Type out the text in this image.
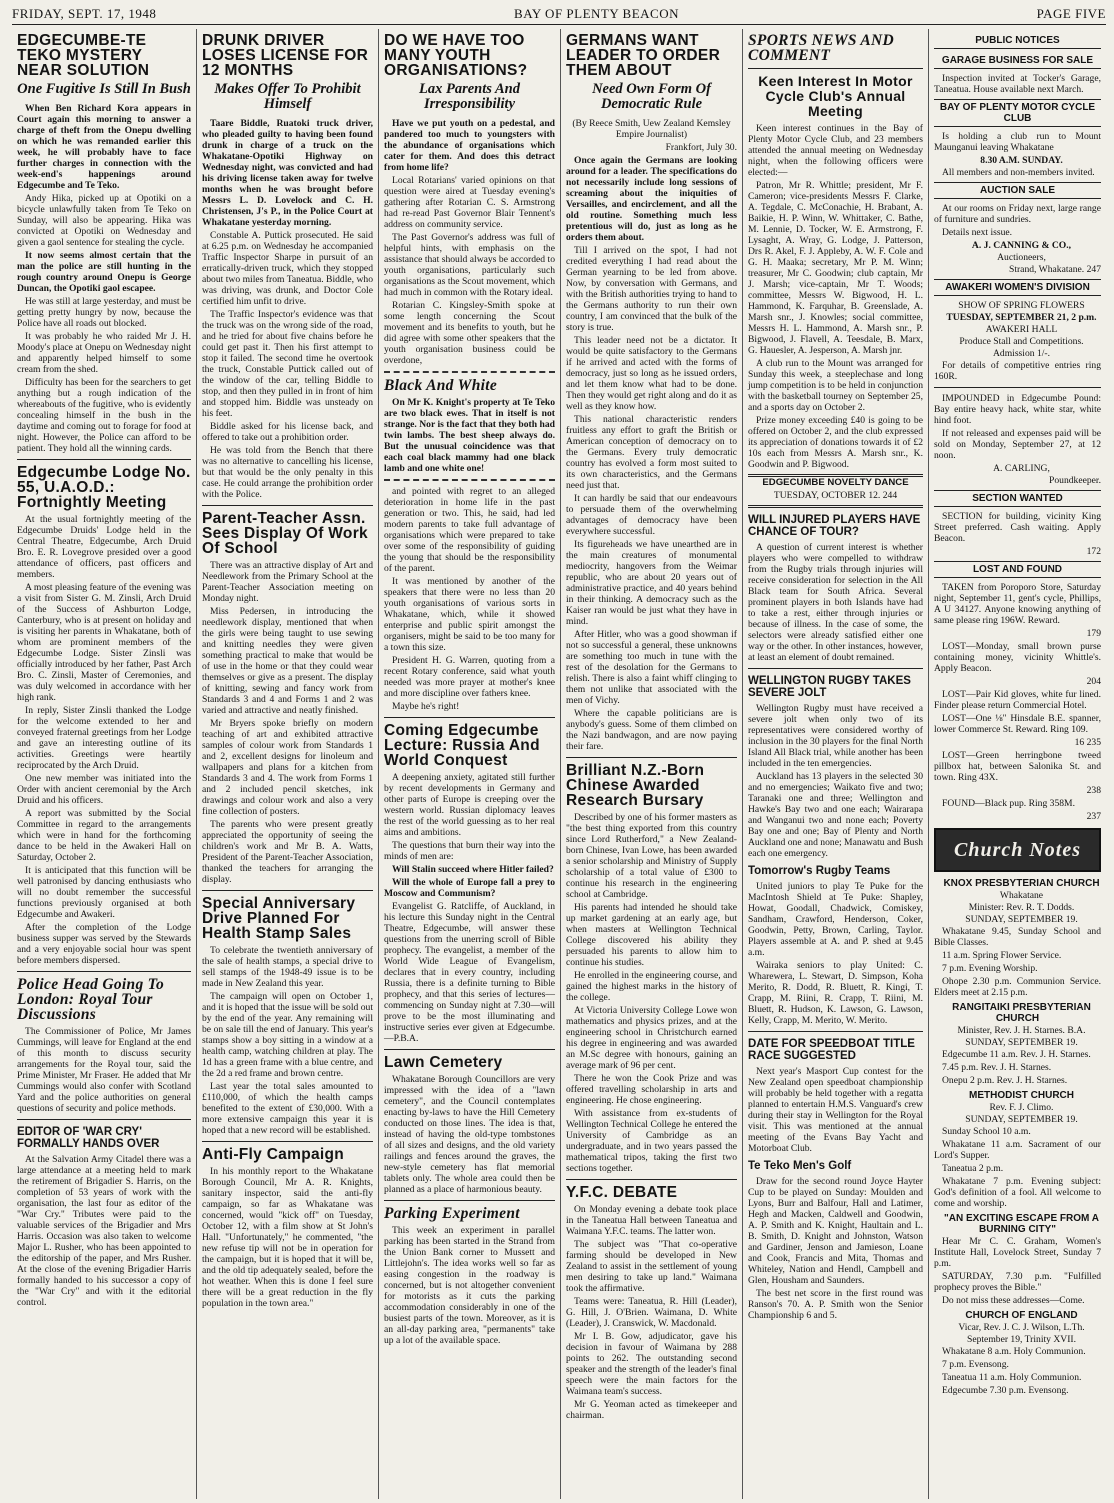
FRIDAY, SEPT. 17, 1948	BAY OF PLENTY BEACON	PAGE FIVE
EDGECUMBE-TE TEKO MYSTERY NEAR SOLUTION
One Fugitive Is Still In Bush

When Ben Richard Kora appears in Court again this morning to answer a charge of theft from the Onepu dwelling on which he was remanded earlier this week, he will probably have to face further charges in connection with the week-end's happenings around Edgecumbe and Te Teko.

Andy Hika, picked up at Opotiki on a bicycle unlawfully taken from Te Teko on Sunday, will also be appearing. Hika was convicted at Opotiki on Wednesday and given a gaol sentence for stealing the cycle.

It now seems almost certain that the man the police are still hunting in the rough country around Onepu is George Duncan, the Opotiki gaol escapee.

He was still at large yesterday, and must be getting pretty hungry by now, because the Police have all roads out blocked.

It was probably he who raided Mr J. H. Moody's place at Onepu on Wednesday night and apparently helped himself to some cream from the shed.

Difficulty has been for the searchers to get anything but a rough indication of the whereabouts of the fugitive, who is evidently concealing himself in the bush in the daytime and coming out to forage for food at night. However, the Police can afford to be patient. They hold all the winning cards.

Edgecumbe Lodge No. 55, U.A.O.D.: Fortnightly Meeting

At the usual fortnightly meeting of the Edgecumbe Druids' Lodge held in the Central Theatre, Edgecumbe, Arch Druid Bro. E. R. Lovegrove presided over a good attendance of officers, past officers and members.

A most pleasing feature of the evening was a visit from Sister G. M. Zinsli, Arch Druid of the Success of Ashburton Lodge, Canterbury, who is at present on holiday and is visiting her parents in Whakatane, both of whom are prominent members of the Edgecumbe Lodge. Sister Zinsli was officially introduced by her father, Past Arch Bro. C. Zinsli, Master of Ceremonies, and was duly welcomed in accordance with her high rank.

In reply, Sister Zinsli thanked the Lodge for the welcome extended to her and conveyed fraternal greetings from her Lodge and gave an interesting outline of its activities. Greetings were heartily reciprocated by the Arch Druid.

One new member was initiated into the Order with ancient ceremonial by the Arch Druid and his officers.

A report was submitted by the Social Committee in regard to the arrangements which were in hand for the forthcoming dance to be held in the Awakeri Hall on Saturday, October 2.

It is anticipated that this function will be well patronised by dancing enthusiasts who will no doubt remember the successful functions previously organised at both Edgecumbe and Awakeri.

After the completion of the Lodge business supper was served by the Stewards and a very enjoyable social hour was spent before members dispersed.

Police Head Going To London: Royal Tour Discussions

The Commissioner of Police, Mr James Cummings, will leave for England at the end of this month to discuss security arrangements for the Royal tour, said the Prime Minister, Mr Fraser. He added that Mr Cummings would also confer with Scotland Yard and the police authorities on general questions of security and police methods.

EDITOR OF 'WAR CRY' FORMALLY HANDS OVER

At the Salvation Army Citadel there was a large attendance at a meeting held to mark the retirement of Brigadier S. Harris, on the completion of 53 years of work with the organisation, the last four as editor of the "War Cry." Tributes were paid to the valuable services of the Brigadier and Mrs Harris. Occasion was also taken to welcome Major L. Rusher, who has been appointed to the editorship of the paper, and Mrs Rusher. At the close of the evening Brigadier Harris formally handed to his successor a copy of the "War Cry" and with it the editorial control.

DRUNK DRIVER LOSES LICENSE FOR 12 MONTHS
Makes Offer To Prohibit Himself

Taare Biddle, Ruatoki truck driver, who pleaded guilty to having been found drunk in charge of a truck on the Whakatane-Opotiki Highway on Wednesday night, was convicted and had his driving license taken away for twelve months when he was brought before Messrs L. D. Lovelock and C. H. Christensen, J's P., in the Police Court at Whakatane yesterday morning.

Constable A. Puttick prosecuted. He said at 6.25 p.m. on Wednesday he accompanied Traffic Inspector Sharpe in pursuit of an erratically-driven truck, which they stopped about two miles from Taneatua. Biddle, who was driving, was drunk, and Doctor Cole certified him unfit to drive.

The Traffic Inspector's evidence was that the truck was on the wrong side of the road, and he tried for about five chains before he could get past it. Then his first attempt to stop it failed. The second time he overtook the truck, Constable Puttick called out of the window of the car, telling Biddle to stop, and then they pulled in in front of him and stopped him. Biddle was unsteady on his feet.

Biddle asked for his license back, and offered to take out a prohibition order.

He was told from the Bench that there was no alternative to cancelling his license, but that would be the only penalty in this case. He could arrange the prohibition order with the Police.

Parent-Teacher Assn. Sees Display Of Work Of School

There was an attractive display of Art and Needlework from the Primary School at the Parent-Teacher Association meeting on Monday night.

Miss Pedersen, in introducing the needlework display, mentioned that when the girls were being taught to use sewing and knitting needles they were given something practical to make that would be of use in the home or that they could wear themselves or give as a present. The display of knitting, sewing and fancy work from Standards 3 and 4 and Forms 1 and 2 was varied and attractive and neatly finished.

Mr Bryers spoke briefly on modern teaching of art and exhibited attractive samples of colour work from Standards 1 and 2, excellent designs for linoleum and wallpapers and plans for a kitchen from Standards 3 and 4. The work from Forms 1 and 2 included pencil sketches, ink drawings and colour work and also a very fine collection of posters.

The parents who were present greatly appreciated the opportunity of seeing the children's work and Mr B. A. Watts, President of the Parent-Teacher Association, thanked the teachers for arranging the display.

Special Anniversary Drive Planned For Health Stamp Sales

To celebrate the twentieth anniversary of the sale of health stamps, a special drive to sell stamps of the 1948-49 issue is to be made in New Zealand this year.

The campaign will open on October 1, and it is hoped that the issue will be sold out by the end of the year. Any remaining will be on sale till the end of January. This year's stamps show a boy sitting in a window at a health camp, watching children at play. The 1d has a green frame with a blue centre, and the 2d a red frame and brown centre.

Last year the total sales amounted to £110,000, of which the health camps benefited to the extent of £30,000. With a more extensive campaign this year it is hoped that a new record will be established.

Anti-Fly Campaign

In his monthly report to the Whakatane Borough Council, Mr A. R. Knights, sanitary inspector, said the anti-fly campaign, so far as Whakatane was concerned, would "kick off" on Tuesday, October 12, with a film show at St John's Hall. "Unfortunately," he commented, "the new refuse tip will not be in operation for the campaign, but it is hoped that it will be, and the old tip adequately sealed, before the hot weather. When this is done I feel sure there will be a great reduction in the fly population in the town area."

DO WE HAVE TOO MANY YOUTH ORGANISATIONS?
Lax Parents And Irresponsibility

Have we put youth on a pedestal, and pandered too much to youngsters with the abundance of organisations which cater for them. And does this detract from home life?

Local Rotarians' varied opinions on that question were aired at Tuesday evening's gathering after Rotarian C. S. Armstrong had re-read Past Governor Blair Tennent's address on community service.

The Past Governor's address was full of helpful hints, with emphasis on the assistance that should always be accorded to youth organisations, particularly such organisations as the Scout movement, which had much in common with the Rotary ideal.

Rotarian C. Kingsley-Smith spoke at some length concerning the Scout movement and its benefits to youth, but he did agree with some other speakers that the youth organisation business could be overdone,

Black And White

On Mr K. Knight's property at Te Teko are two black ewes. That in itself is not strange. Nor is the fact that they both had twin lambs. The best sheep always do. But the unusual coincidence was that each coal black mammy had one black lamb and one white one!

and pointed with regret to an alleged deterioration in home life in the past generation or two. This, he said, had led modern parents to take full advantage of organisations which were prepared to take over some of the responsibility of guiding the young that should be the responsibility of the parent.

It was mentioned by another of the speakers that there were no less than 20 youth organisations of various sorts in Whakatane, which, while it showed enterprise and public spirit amongst the organisers, might be said to be too many for a town this size.

President H. G. Warren, quoting from a recent Rotary conference, said what youth needed was more prayer at mother's knee and more discipline over fathers knee.

Maybe he's right!

Coming Edgecumbe Lecture: Russia And World Conquest

A deepening anxiety, agitated still further by recent developments in Germany and other parts of Europe is creeping over the western world. Russian diplomacy leaves the rest of the world guessing as to her real aims and ambitions.

The questions that burn their way into the minds of men are:

Will Stalin succeed where Hitler failed?

Will the whole of Europe fall a prey to Moscow and Communism?

Evangelist G. Ratcliffe, of Auckland, in his lecture this Sunday night in the Central Theatre, Edgecumbe, will answer these questions from the unerring scroll of Bible prophecy. The evangelist, a member of the World Wide League of Evangelism, declares that in every country, including Russia, there is a definite turning to Bible prophecy, and that this series of lectures—commencing on Sunday night at 7.30—will prove to be the most illuminating and instructive series ever given at Edgecumbe.—P.B.A.

Lawn Cemetery

Whakatane Borough Councillors are very impressed with the idea of a "lawn cemetery", and the Council contemplates enacting by-laws to have the Hill Cemetery conducted on those lines. The idea is that, instead of having the old-type tombstones of all sizes and designs, and the old variety railings and fences around the graves, the new-style cemetery has flat memorial tablets only. The whole area could then be planned as a place of harmonious beauty.

Parking Experiment

This week an experiment in parallel parking has been started in the Strand from the Union Bank corner to Mussett and Littlejohn's. The idea works well so far as easing congestion in the roadway is concerned, but is not altogether convenient for motorists as it cuts the parking accommodation considerably in one of the busiest parts of the town. Moreover, as it is an all-day parking area, "permanents" take up a lot of the available space.

GERMANS WANT LEADER TO ORDER THEM ABOUT
Need Own Form Of Democratic Rule

(By Reece Smith, Uew Zealand Kemsley Empire Journalist)

Frankfort, July 30.

Once again the Germans are looking around for a leader. The specifications do not necessarily include long sessions of screaming about the iniquities of Versailles, and encirclement, and all the old routine. Something much less pretentious will do, just as long as he orders them about.

Till I arrived on the spot, I had not credited everything I had read about the German yearning to be led from above. Now, by conversation with Germans, and with the British authorities trying to hand to the Germans authority to run their own country, I am convinced that the bulk of the story is true.

This leader need not be a dictator. It would be quite satisfactory to the Germans if he arrived and acted with the forms of democracy, just so long as he issued orders, and let them know what had to be done. Then they would get right along and do it as well as they know how.

This national characteristic renders fruitless any effort to graft the British or American conception of democracy on to the Germans. Every truly democratic country has evolved a form most suited to its own characteristics, and the Germans need just that.

It can hardly be said that our endeavours to persuade them of the overwhelming advantages of democracy have been everywhere successful.

Its figureheads we have unearthed are in the main creatures of monumental mediocrity, hangovers from the Weimar republic, who are about 20 years out of administrative practice, and 40 years behind in their thinking. A democracy such as the Kaiser ran would be just what they have in mind.

After Hitler, who was a good showman if not so successful a general, these unknowns are something too much in tune with the rest of the desolation for the Germans to relish. There is also a faint whiff clinging to them not unlike that associated with the men of Vichy.

Where the capable politicians are is anybody's guess. Some of them climbed on the Nazi bandwagon, and are now paying their fare.

Brilliant N.Z.-Born Chinese Awarded Research Bursary

Described by one of his former masters as "the best thing exported from this country since Lord Rutherford," a New Zealand-born Chinese, Ivan Lowe, has been awarded a senior scholarship and Ministry of Supply scholarship of a total value of £300 to continue his research in the engineering school at Cambridge.

His parents had intended he should take up market gardening at an early age, but when masters at Wellington Technical College discovered his ability they persuaded his parents to allow him to continue his studies.

He enrolled in the engineering course, and gained the highest marks in the history of the college.

At Victoria University College Lowe won mathematics and physics prizes, and at the engineering school in Christchurch earned his degree in engineering and was awarded an M.Sc degree with honours, gaining an average mark of 96 per cent.

There he won the Cook Prize and was offered travelling scholarship in arts and engineering. He chose engineering.

With assistance from ex-students of Wellington Technical College he entered the University of Cambridge as an undergraduate, and in two years passed the mathematical tripos, taking the first two sections together.

Y.F.C. DEBATE

On Monday evening a debate took place in the Taneatua Hall between Taneatua and Waimana Y.F.C. teams. The latter won.

The subject was "That co-operative farming should be developed in New Zealand to assist in the settlement of young men desiring to take up land." Waimana took the affirmative.

Teams were: Taneatua, R. Hill (Leader), G. Hill, J. O'Brien. Waimana, D. White (Leader), J. Cranswick, W. Macdonald.

Mr I. B. Gow, adjudicator, gave his decision in favour of Waimana by 288 points to 262. The outstanding second speaker and the strength of the leader's final speech were the main factors for the Waimana team's success.

Mr G. Yeoman acted as timekeeper and chairman.

SPORTS NEWS AND COMMENT
Keen Interest In Motor Cycle Club's Annual Meeting

Keen interest continues in the Bay of Plenty Motor Cycle Club, and 23 members attended the annual meeting on Wednesday night, when the following officers were elected:—

Patron, Mr R. Whittle; president, Mr F. Cameron; vice-presidents Messrs F. Clarke, A. Tegdale, C. McConachie, H. Brabant, A. Baikie, H. P. Winn, W. Whittaker, C. Bathe, M. Lennie, D. Tocker, W. E. Armstrong, F. Lysaght, A. Wray, G. Lodge, J. Patterson, Drs R. Akel, F. J. Appleby, A. W. F. Cole and G. H. Maaka; secretary, Mr P. M. Winn; treasurer, Mr C. Goodwin; club captain, Mr J. Marsh; vice-captain, Mr T. Woods; committee, Messrs W. Bigwood, H. L. Hammond, K. Farquhar, B. Greenslade, A. Marsh snr., J. Knowles; social committee, Messrs H. L. Hammond, A. Marsh snr., P. Bigwood, J. Flavell, A. Teesdale, B. Marx, G. Hauesler, A. Jesperson, A. Marsh jnr.

A club run to the Mount was arranged for Sunday this week, a steeplechase and long jump competition is to be held in conjunction with the basketball tourney on September 25, and a sports day on October 2.

Prize money exceeding £40 is going to be offered on October 2, and the club expressed its appreciation of donations towards it of £2 10s each from Messrs A. Marsh snr., K. Goodwin and P. Bigwood.

EDGECUMBE NOVELTY DANCE

TUESDAY, OCTOBER 12. 244

WILL INJURED PLAYERS HAVE CHANCE OF TOUR?

A question of current interest is whether players who were compelled to withdraw from the Rugby trials through injuries will receive consideration for selection in the All Black team for South Africa. Several prominent players in both Islands have had to take a rest, either through injuries or because of illness. In the case of some, the selectors were already satisfied either one way or the other. In other instances, however, at least an element of doubt remained.

WELLINGTON RUGBY TAKES SEVERE JOLT

Wellington Rugby must have received a severe jolt when only two of its representatives were considered worthy of inclusion in the 30 players for the final North Island All Black trial, while another has been included in the ten emergencies.

Auckland has 13 players in the selected 30 and no emergencies; Waikato five and two; Taranaki one and three; Wellington and Hawke's Bay two and one each; Wairarapa and Wanganui two and none each; Poverty Bay one and one; Bay of Plenty and North Auckland one and none; Manawatu and Bush each one emergency.

Tomorrow's Rugby Teams

United juniors to play Te Puke for the MacIntosh Shield at Te Puke: Shapley, Howat, Goodall, Chadwick, Comiskey, Sandham, Crawford, Henderson, Coker, Goodwin, Petty, Brown, Carling, Taylor. Players assemble at A. and P. shed at 9.45 a.m.

Wairaka seniors to play United: C. Wharewera, L. Stewart, D. Simpson, Koha Merito, R. Dodd, R. Bluett, R. Kingi, T. Crapp, M. Riini, R. Crapp, T. Riini, M. Bluett, R. Hudson, K. Lawson, G. Lawson, Kelly, Crapp, M. Merito, W. Merito.

DATE FOR SPEEDBOAT TITLE RACE SUGGESTED

Next year's Masport Cup contest for the New Zealand open speedboat championship will probably be held together with a regatta planned to entertain H.M.S. Vanguard's crew during their stay in Wellington for the Royal visit. This was mentioned at the annual meeting of the Evans Bay Yacht and Motorboat Club.

Te Teko Men's Golf

Draw for the second round Joyce Hayter Cup to be played on Sunday: Moulden and Lyons, Burr and Balfour, Hall and Latimer, Hegh and Macken, Caldwell and Goodwin, A. P. Smith and K. Knight, Haultain and L. B. Smith, D. Knight and Johnston, Watson and Gardiner, Jenson and Jamieson, Loane and Cook, Francis and Mita, Thomas and Whiteley, Nation and Hendl, Campbell and Glen, Housham and Saunders.

The best net score in the first round was Ranson's 70. A. P. Smith won the Senior Championship 6 and 5.

PUBLIC NOTICES
GARAGE BUSINESS FOR SALE

Inspection invited at Tocker's Garage, Taneatua. House available next March.

BAY OF PLENTY MOTOR CYCLE CLUB

Is holding a club run to Mount Maunganui leaving Whakatane

8.30 A.M. SUNDAY.

All members and non-members invited.

AUCTION SALE

At our rooms on Friday next, large range of furniture and sundries.

Details next issue.

A. J. CANNING & CO.,

Auctioneers,

Strand, Whakatane. 247

AWAKERI WOMEN'S DIVISION

SHOW OF SPRING FLOWERS

TUESDAY, SEPTEMBER 21, 2 p.m.

AWAKERI HALL

Produce Stall and Competitions.

Admission 1/-.

For details of competitive entries ring 160R.

IMPOUNDED in Edgecumbe Pound: Bay entire heavy hack, white star, white hind foot.

If not released and expenses paid will be sold on Monday, September 27, at 12 noon.

A. CARLING,

Poundkeeper.

SECTION WANTED

SECTION for building, vicinity King Street preferred. Cash waiting. Apply Beacon.

172

LOST AND FOUND

TAKEN from Poroporo Store, Saturday night, September 11, gent's cycle, Phillips, A U 34127. Anyone knowing anything of same please ring 196W. Reward.

179

LOST—Monday, small brown purse containing money, vicinity Whittle's. Apply Beacon.

204

LOST—Pair Kid gloves, white fur lined. Finder please return Commercial Hotel.

LOST—One ⅛" Hinsdale B.E. spanner, lower Commerce St. Reward. Ring 109.

16 235

LOST—Green herringbone tweed pillbox hat, between Salonika St. and town. Ring 43X.

238

FOUND—Black pup. Ring 358M.

237

Church Notes

KNOX PRESBYTERIAN CHURCH

Whakatane

Minister: Rev. R. T. Dodds.

SUNDAY, SEPTEMBER 19.

Whakatane 9.45, Sunday School and Bible Classes.

11 a.m. Spring Flower Service.

7 p.m. Evening Worship.

Ohope 2.30 p.m. Communion Service. Elders meet at 2.15 p.m.

RANGITAIKI PRESBYTERIAN CHURCH

Minister, Rev. J. H. Starnes. B.A.

SUNDAY, SEPTEMBER 19.

Edgecumbe 11 a.m. Rev. J. H. Starnes.

7.45 p.m. Rev. J. H. Starnes.

Onepu 2 p.m. Rev. J. H. Starnes.

METHODIST CHURCH

Rev. F. J. Climo.

SUNDAY, SEPTEMBER 19.

Sunday School 10 a.m.

Whakatane 11 a.m. Sacrament of our Lord's Supper.

Taneatua 2 p.m.

Whakatane 7 p.m. Evening subject: God's definition of a fool. All welcome to come and worship.

"AN EXCITING ESCAPE FROM A BURNING CITY"

Hear Mr C. C. Graham, Women's Institute Hall, Lovelock Street, Sunday 7 p.m.

SATURDAY, 7.30 p.m. "Fulfilled prophecy proves the Bible."

Do not miss these addresses—Come.

CHURCH OF ENGLAND

Vicar, Rev. J. C. J. Wilson, L.Th.

September 19, Trinity XVII.

Whakatane 8 a.m. Holy Communion.

7 p.m. Evensong.

Taneatua 11 a.m. Holy Communion.

Edgecumbe 7.30 p.m. Evensong.
